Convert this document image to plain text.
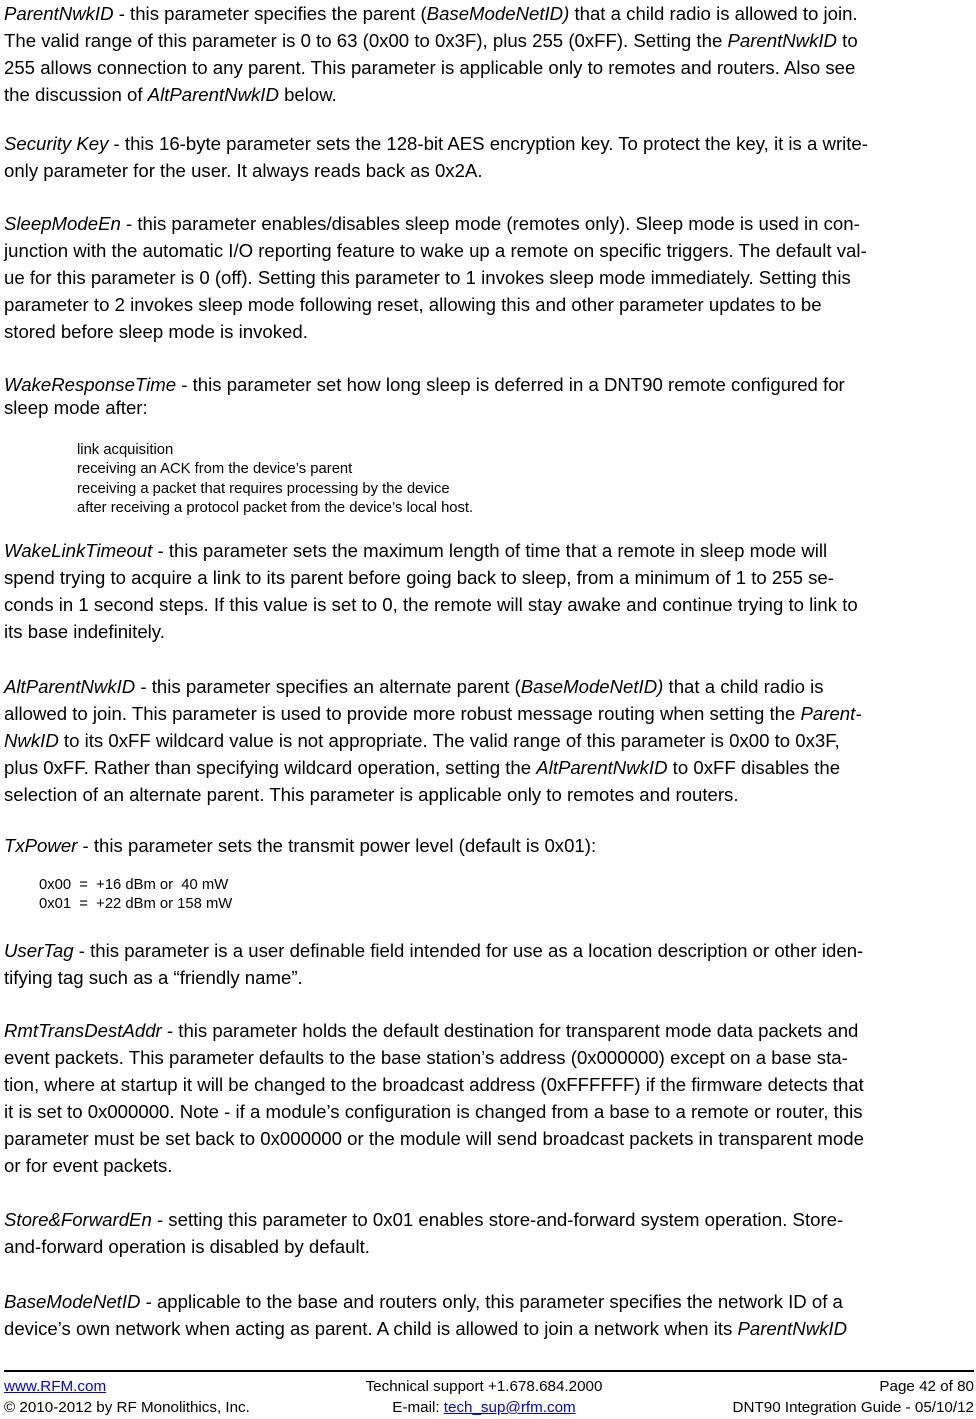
ParentNwkID - this parameter specifies the parent (BaseModeNetID) that a child radio is allowed to join.
The valid range of this parameter is 0 to 63 (0x00 to 0x3F), plus 255 (0xFF). Setting the ParentNwkID to
255 allows connection to any parent. This parameter is applicable only to remotes and routers. Also see
the discussion of AltParentNwkID below.
Security Key - this 16-byte parameter sets the 128-bit AES encryption key. To protect the key, it is a write-
only parameter for the user. It always reads back as 0x2A.
SleepModeEn - this parameter enables/disables sleep mode (remotes only). Sleep mode is used in con-
junction with the automatic I/O reporting feature to wake up a remote on specific triggers. The default val-
ue for this parameter is 0 (off). Setting this parameter to 1 invokes sleep mode immediately. Setting this
parameter to 2 invokes sleep mode following reset, allowing this and other parameter updates to be
stored before sleep mode is invoked.
WakeResponseTime - this parameter set how long sleep is deferred in a DNT90 remote configured for
sleep mode after:
link acquisition
receiving an ACK from the device’s parent
receiving a packet that requires processing by the device
after receiving a protocol packet from the device’s local host.
WakeLinkTimeout - this parameter sets the maximum length of time that a remote in sleep mode will
spend trying to acquire a link to its parent before going back to sleep, from a minimum of 1 to 255 se-
conds in 1 second steps. If this value is set to 0, the remote will stay awake and continue trying to link to
its base indefinitely.
AltParentNwkID - this parameter specifies an alternate parent (BaseModeNetID) that a child radio is
allowed to join. This parameter is used to provide more robust message routing when setting the Parent-
NwkID to its 0xFF wildcard value is not appropriate. The valid range of this parameter is 0x00 to 0x3F,
plus 0xFF. Rather than specifying wildcard operation, setting the AltParentNwkID to 0xFF disables the
selection of an alternate parent. This parameter is applicable only to remotes and routers.
TxPower - this parameter sets the transmit power level (default is 0x01):
0x00  =  +16 dBm or  40 mW
0x01  =  +22 dBm or 158 mW
UserTag - this parameter is a user definable field intended for use as a location description or other iden-
tifying tag such as a “friendly name”.
RmtTransDestAddr - this parameter holds the default destination for transparent mode data packets and
event packets. This parameter defaults to the base station’s address (0x000000) except on a base sta-
tion, where at startup it will be changed to the broadcast address (0xFFFFFF) if the firmware detects that
it is set to 0x000000. Note - if a module’s configuration is changed from a base to a remote or router, this
parameter must be set back to 0x000000 or the module will send broadcast packets in transparent mode
or for event packets.
Store&ForwardEn - setting this parameter to 0x01 enables store-and-forward system operation. Store-
and-forward operation is disabled by default.
BaseModeNetID - applicable to the base and routers only, this parameter specifies the network ID of a
device’s own network when acting as parent. A child is allowed to join a network when its ParentNwkID
www.RFM.com
© 2010-2012 by RF Monolithics, Inc.
Technical support +1.678.684.2000
E-mail: tech_sup@rfm.com
Page 42 of 80
DNT90 Integration Guide - 05/10/12
